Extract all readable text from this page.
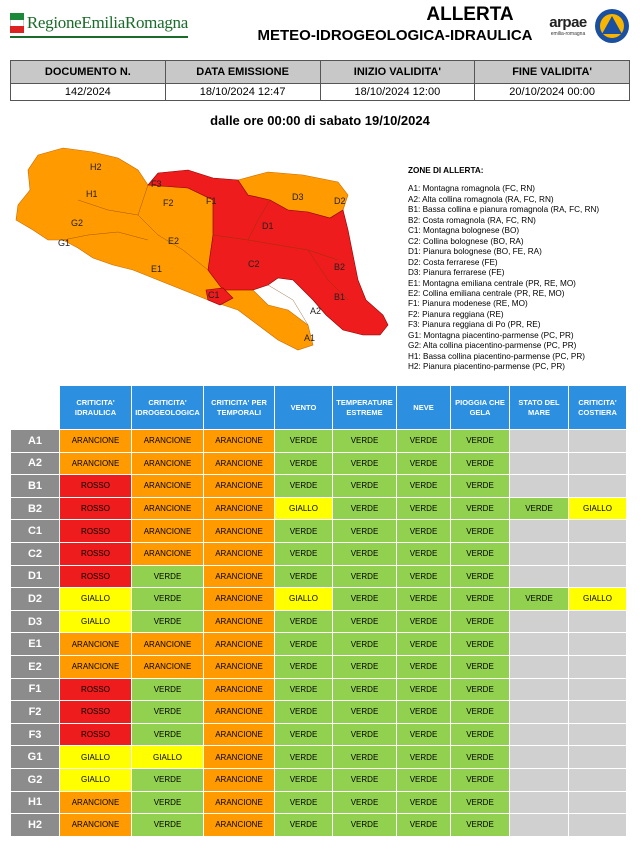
RegioneEmiliaRomagna	ALLERTA
METEO-IDROGEOLOGICA-IDRAULICA
arpae
emilia-romagna
DOCUMENTO N.	DATA EMISSIONE	INIZIO VALIDITA'	FINE VALIDITA'
142/2024	18/10/2024 12:47	18/10/2024 12:00	20/10/2024 00:00
dalle ore 00:00 di sabato 19/10/2024
H2
H1
G2
G1
F3
F2	F1
E2
E1
D3	D2
D1
C2
C1
B2
B1
A2
A1
ZONE DI ALLERTA:
A1: Montagna romagnola (FC, RN)
A2: Alta collina romagnola (RA, FC, RN)
B1: Bassa collina e pianura romagnola (RA, FC, RN)
B2: Costa romagnola (RA, FC, RN)
C1: Montagna bolognese (BO)
C2: Collina bolognese (BO, RA)
D1: Pianura bolognese (BO, FE, RA)
D2: Costa ferrarese (FE)
D3: Pianura ferrarese (FE)
E1: Montagna emiliana centrale (PR, RE, MO)
E2: Collina emiliana centrale (PR, RE, MO)
F1: Pianura modenese (RE, MO)
F2: Pianura reggiana (RE)
F3: Pianura reggiana di Po (PR, RE)
G1: Montagna piacentino-parmense (PC, PR)
G2: Alta collina piacentino-parmense (PC, PR)
H1: Bassa collina piacentino-parmense (PC, PR)
H2: Pianura piacentino-parmense (PC, PR)
	CRITICITA' IDRAULICA	CRITICITA' IDROGEOLOGICA	CRITICITA' PER TEMPORALI	VENTO	TEMPERATURE ESTREME	NEVE	PIOGGIA CHE GELA	STATO DEL MARE	CRITICITA' COSTIERA
A1	ARANCIONE	ARANCIONE	ARANCIONE	VERDE	VERDE	VERDE	VERDE		
A2	ARANCIONE	ARANCIONE	ARANCIONE	VERDE	VERDE	VERDE	VERDE		
B1	ROSSO	ARANCIONE	ARANCIONE	VERDE	VERDE	VERDE	VERDE		
B2	ROSSO	ARANCIONE	ARANCIONE	GIALLO	VERDE	VERDE	VERDE	VERDE	GIALLO
C1	ROSSO	ARANCIONE	ARANCIONE	VERDE	VERDE	VERDE	VERDE		
C2	ROSSO	ARANCIONE	ARANCIONE	VERDE	VERDE	VERDE	VERDE		
D1	ROSSO	VERDE	ARANCIONE	VERDE	VERDE	VERDE	VERDE		
D2	GIALLO	VERDE	ARANCIONE	GIALLO	VERDE	VERDE	VERDE	VERDE	GIALLO
D3	GIALLO	VERDE	ARANCIONE	VERDE	VERDE	VERDE	VERDE		
E1	ARANCIONE	ARANCIONE	ARANCIONE	VERDE	VERDE	VERDE	VERDE		
E2	ARANCIONE	ARANCIONE	ARANCIONE	VERDE	VERDE	VERDE	VERDE		
F1	ROSSO	VERDE	ARANCIONE	VERDE	VERDE	VERDE	VERDE		
F2	ROSSO	VERDE	ARANCIONE	VERDE	VERDE	VERDE	VERDE		
F3	ROSSO	VERDE	ARANCIONE	VERDE	VERDE	VERDE	VERDE		
G1	GIALLO	GIALLO	ARANCIONE	VERDE	VERDE	VERDE	VERDE		
G2	GIALLO	VERDE	ARANCIONE	VERDE	VERDE	VERDE	VERDE		
H1	ARANCIONE	VERDE	ARANCIONE	VERDE	VERDE	VERDE	VERDE		
H2	ARANCIONE	VERDE	ARANCIONE	VERDE	VERDE	VERDE	VERDE		
